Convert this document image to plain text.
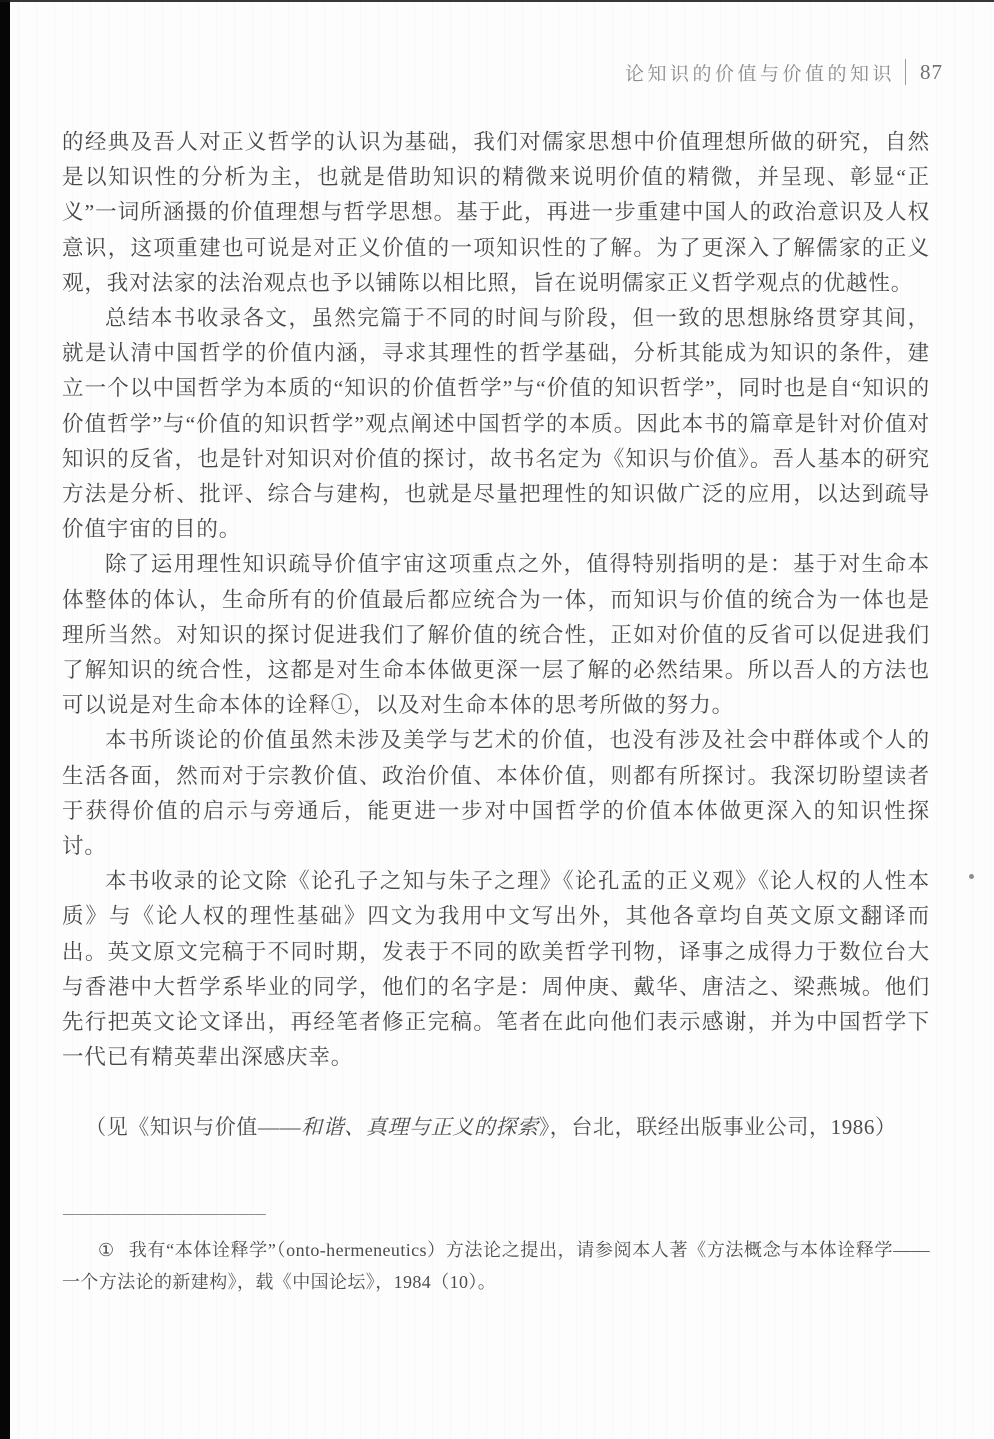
论知识的价值与价值的知识 87

的经典及吾人对正义哲学的认识为基础，我们对儒家思想中价值理想所做的研究，自然是以知识性的分析为主，也就是借助知识的精微来说明价值的精微，并呈现、彰显“正义”一词所涵摄的价值理想与哲学思想。基于此，再进一步重建中国人的政治意识及人权意识，这项重建也可说是对正义价值的一项知识性的了解。为了更深入了解儒家的正义观，我对法家的法治观点也予以铺陈以相比照，旨在说明儒家正义哲学观点的优越性。

总结本书收录各文，虽然完篇于不同的时间与阶段，但一致的思想脉络贯穿其间，就是认清中国哲学的价值内涵，寻求其理性的哲学基础，分析其能成为知识的条件，建立一个以中国哲学为本质的“知识的价值哲学”与“价值的知识哲学”，同时也是自“知识的价值哲学”与“价值的知识哲学”观点阐述中国哲学的本质。因此本书的篇章是针对价值对知识的反省，也是针对知识对价值的探讨，故书名定为《知识与价值》。吾人基本的研究方法是分析、批评、综合与建构，也就是尽量把理性的知识做广泛的应用，以达到疏导价值宇宙的目的。

除了运用理性知识疏导价值宇宙这项重点之外，值得特别指明的是：基于对生命本体整体的体认，生命所有的价值最后都应统合为一体，而知识与价值的统合为一体也是理所当然。对知识的探讨促进我们了解价值的统合性，正如对价值的反省可以促进我们了解知识的统合性，这都是对生命本体做更深一层了解的必然结果。所以吾人的方法也可以说是对生命本体的诠释①，以及对生命本体的思考所做的努力。

本书所谈论的价值虽然未涉及美学与艺术的价值，也没有涉及社会中群体或个人的生活各面，然而对于宗教价值、政治价值、本体价值，则都有所探讨。我深切盼望读者于获得价值的启示与旁通后，能更进一步对中国哲学的价值本体做更深入的知识性探讨。

本书收录的论文除《论孔子之知与朱子之理》《论孔孟的正义观》《论人权的人性本质》与《论人权的理性基础》四文为我用中文写出外，其他各章均自英文原文翻译而出。英文原文完稿于不同时期，发表于不同的欧美哲学刊物，译事之成得力于数位台大与香港中大哲学系毕业的同学，他们的名字是：周仲庚、戴华、唐洁之、梁燕城。他们先行把英文论文译出，再经笔者修正完稿。笔者在此向他们表示感谢，并为中国哲学下一代已有精英辈出深感庆幸。

（见《知识与价值——和谐、真理与正义的探索》，台北，联经出版事业公司，1986）

① 我有“本体诠释学”（onto-hermeneutics）方法论之提出，请参阅本人著《方法概念与本体诠释学——一个方法论的新建构》，载《中国论坛》，1984（10）。
